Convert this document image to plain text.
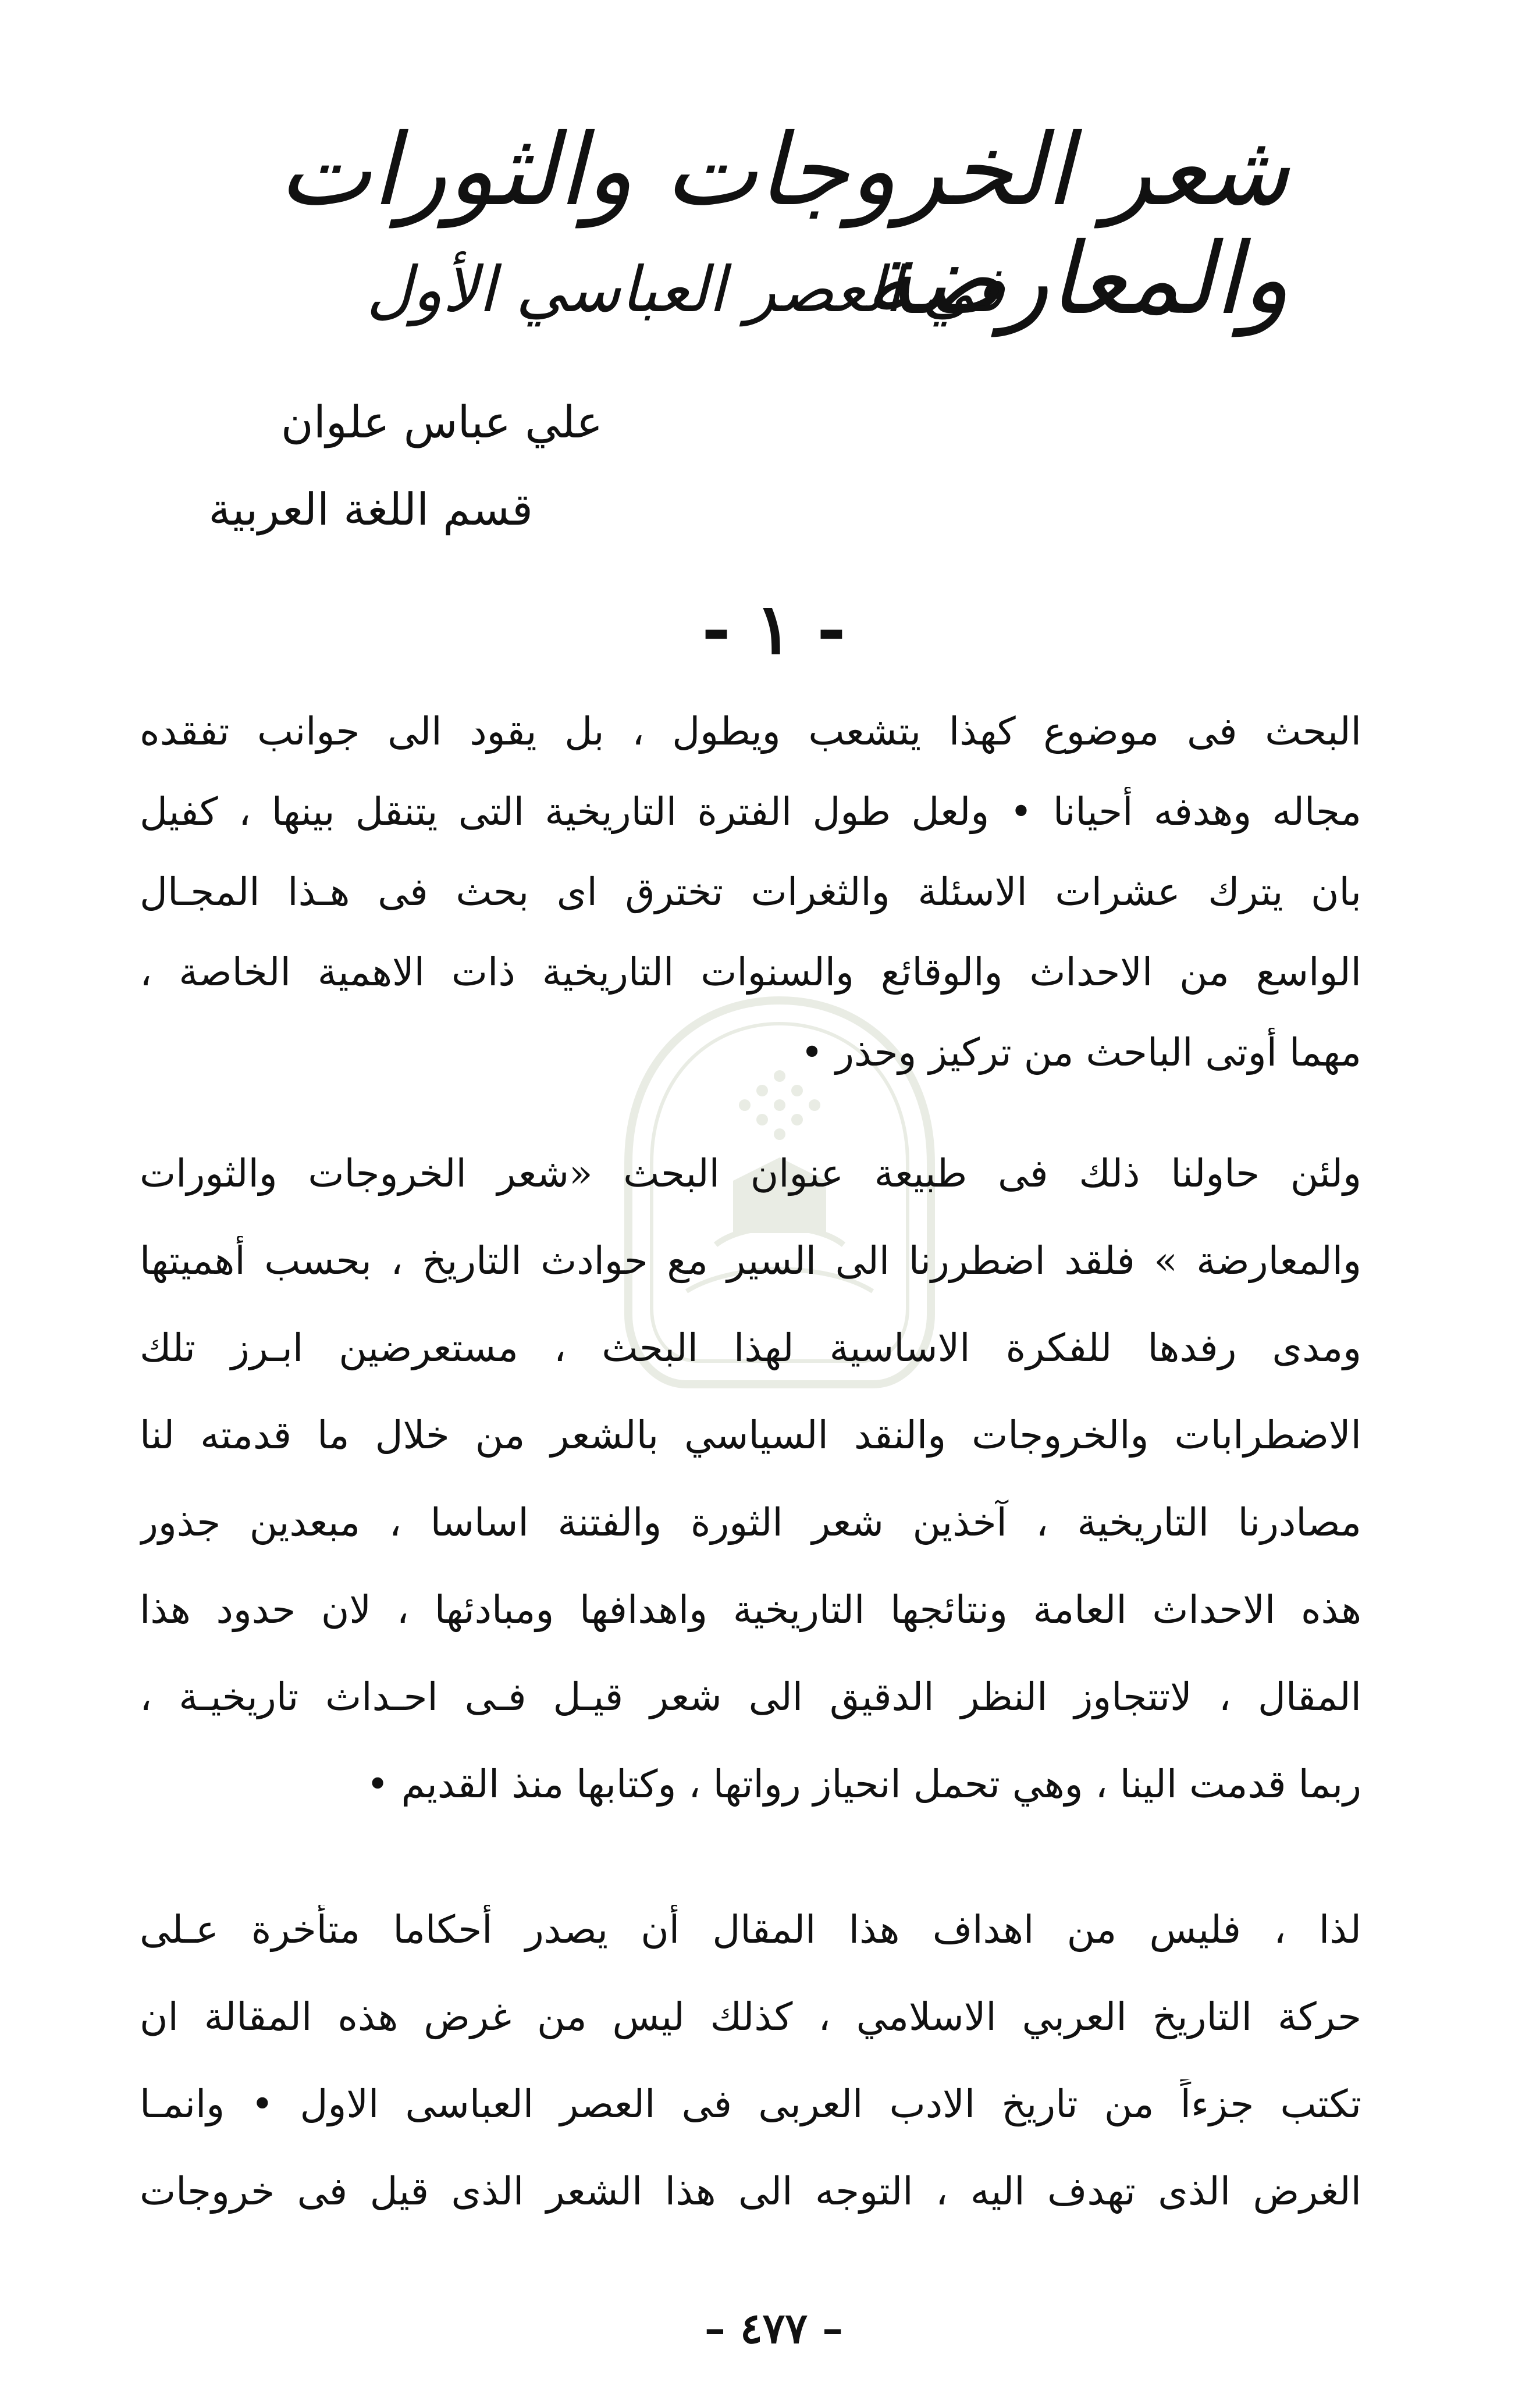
شعر الخروجات والثورات والمعارضة
في العصر العباسي الأول
علي عباس علوان
قسم اللغة العربية
- ١ -
البحث فى موضوع كهذا يتشعب ويطول ، بل يقود الى جوانب تفقده
مجاله وهدفه أحيانا • ولعل طول الفترة التاريخية التى يتنقل بينها ، كفيل
بان يترك عشرات الاسئلة والثغرات تخترق اى بحث فى هـذا المجـال
الواسع من الاحداث والوقائع والسنوات التاريخية ذات الاهمية الخاصة ،
مهما أوتى الباحث من تركيز وحذر •
ولئن حاولنا ذلك فى طبيعة عنوان البحث «شعر الخروجات والثورات
والمعارضة » فلقد اضطررنا الى السير مع حوادث التاريخ ، بحسب أهميتها
ومدى رفدها للفكرة الاساسية لهذا البحث ، مستعرضين ابـرز تلك
الاضطرابات والخروجات والنقد السياسي بالشعر من خلال ما قدمته لنا
مصادرنا التاريخية ، آخذين شعر الثورة والفتنة اساسا ، مبعدين جذور
هذه الاحداث العامة ونتائجها التاريخية واهدافها ومبادئها ، لان حدود هذا
المقال ، لاتتجاوز النظر الدقيق الى شعر قيـل فـى احـداث تاريخيـة ،
ربما قدمت الينا ، وهي تحمل انحياز رواتها ، وكتابها منذ القديم •
لذا ، فليس من اهداف هذا المقال أن يصدر أحكاما متأخرة عـلى
حركة التاريخ العربي الاسلامي ، كذلك ليس من غرض هذه المقالة ان
تكتب جزءاً من تاريخ الادب العربى فى العصر العباسى الاول • وانمـا
الغرض الذى تهدف اليه ، التوجه الى هذا الشعر الذى قيل فى خروجات
– ٤٧٧ –
